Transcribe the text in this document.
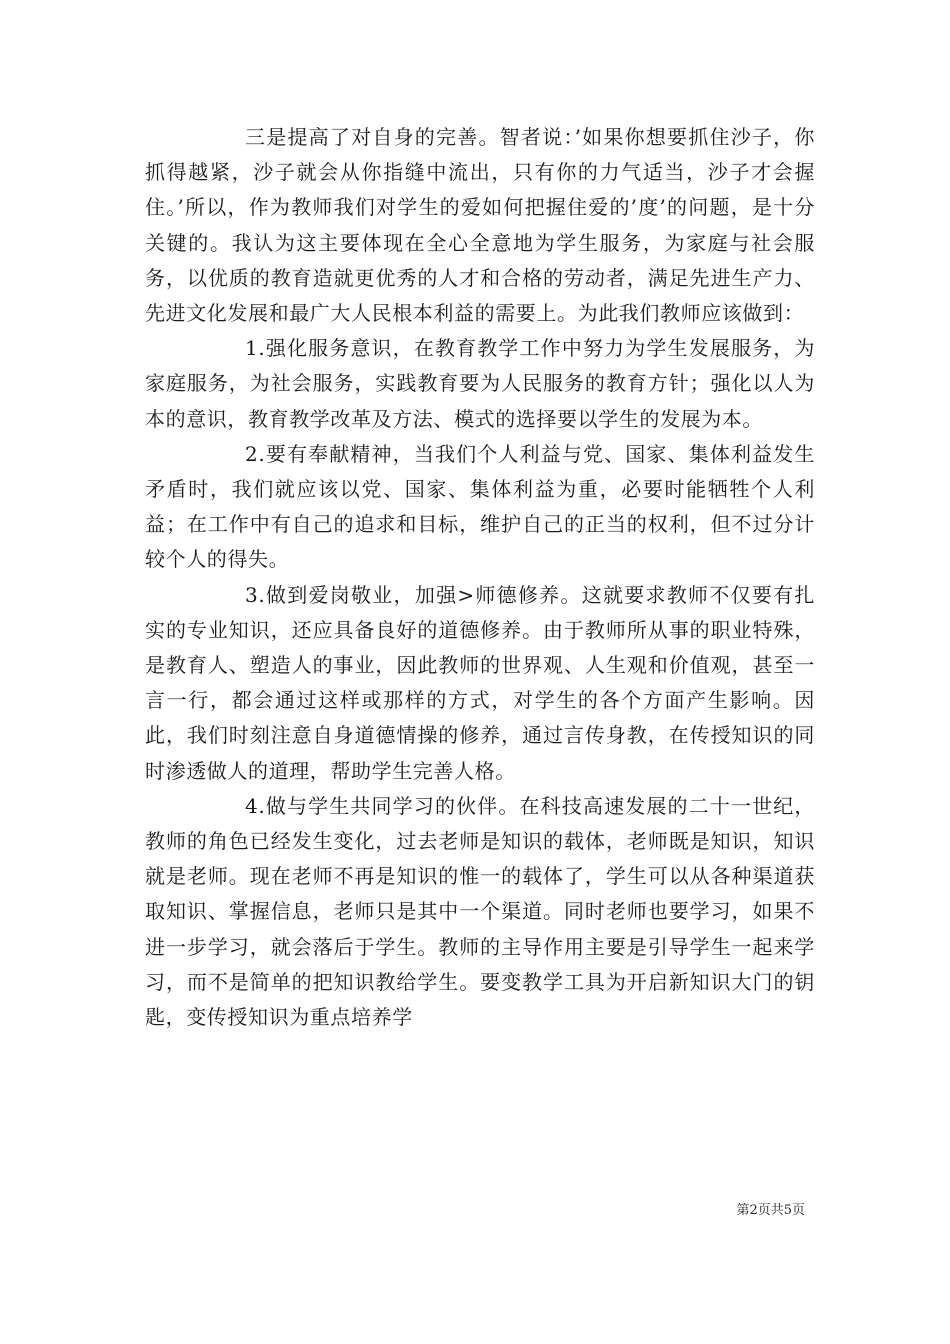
三是提高了对自身的完善。智者说：’如果你想要抓住沙子，你抓得越紧，沙子就会从你指缝中流出，只有你的力气适当，沙子才会握住。’所以，作为教师我们对学生的爱如何把握住爱的’度’的问题，是十分关键的。我认为这主要体现在全心全意地为学生服务，为家庭与社会服务，以优质的教育造就更优秀的人才和合格的劳动者，满足先进生产力、先进文化发展和最广大人民根本利益的需要上。为此我们教师应该做到：

1.强化服务意识，在教育教学工作中努力为学生发展服务，为家庭服务，为社会服务，实践教育要为人民服务的教育方针；强化以人为本的意识，教育教学改革及方法、模式的选择要以学生的发展为本。

2.要有奉献精神，当我们个人利益与党、国家、集体利益发生矛盾时，我们就应该以党、国家、集体利益为重，必要时能牺牲个人利益；在工作中有自己的追求和目标，维护自己的正当的权利，但不过分计较个人的得失。

3.做到爱岗敬业，加强>师德修养。这就要求教师不仅要有扎实的专业知识，还应具备良好的道德修养。由于教师所从事的职业特殊，是教育人、塑造人的事业，因此教师的世界观、人生观和价值观，甚至一言一行，都会通过这样或那样的方式，对学生的各个方面产生影响。因此，我们时刻注意自身道德情操的修养，通过言传身教，在传授知识的同时渗透做人的道理，帮助学生完善人格。

4.做与学生共同学习的伙伴。在科技高速发展的二十一世纪，教师的角色已经发生变化，过去老师是知识的载体，老师既是知识，知识就是老师。现在老师不再是知识的惟一的载体了，学生可以从各种渠道获取知识、掌握信息，老师只是其中一个渠道。同时老师也要学习，如果不进一步学习，就会落后于学生。教师的主导作用主要是引导学生一起来学习，而不是简单的把知识教给学生。要变教学工具为开启新知识大门的钥匙，变传授知识为重点培养学

第2页共5页
